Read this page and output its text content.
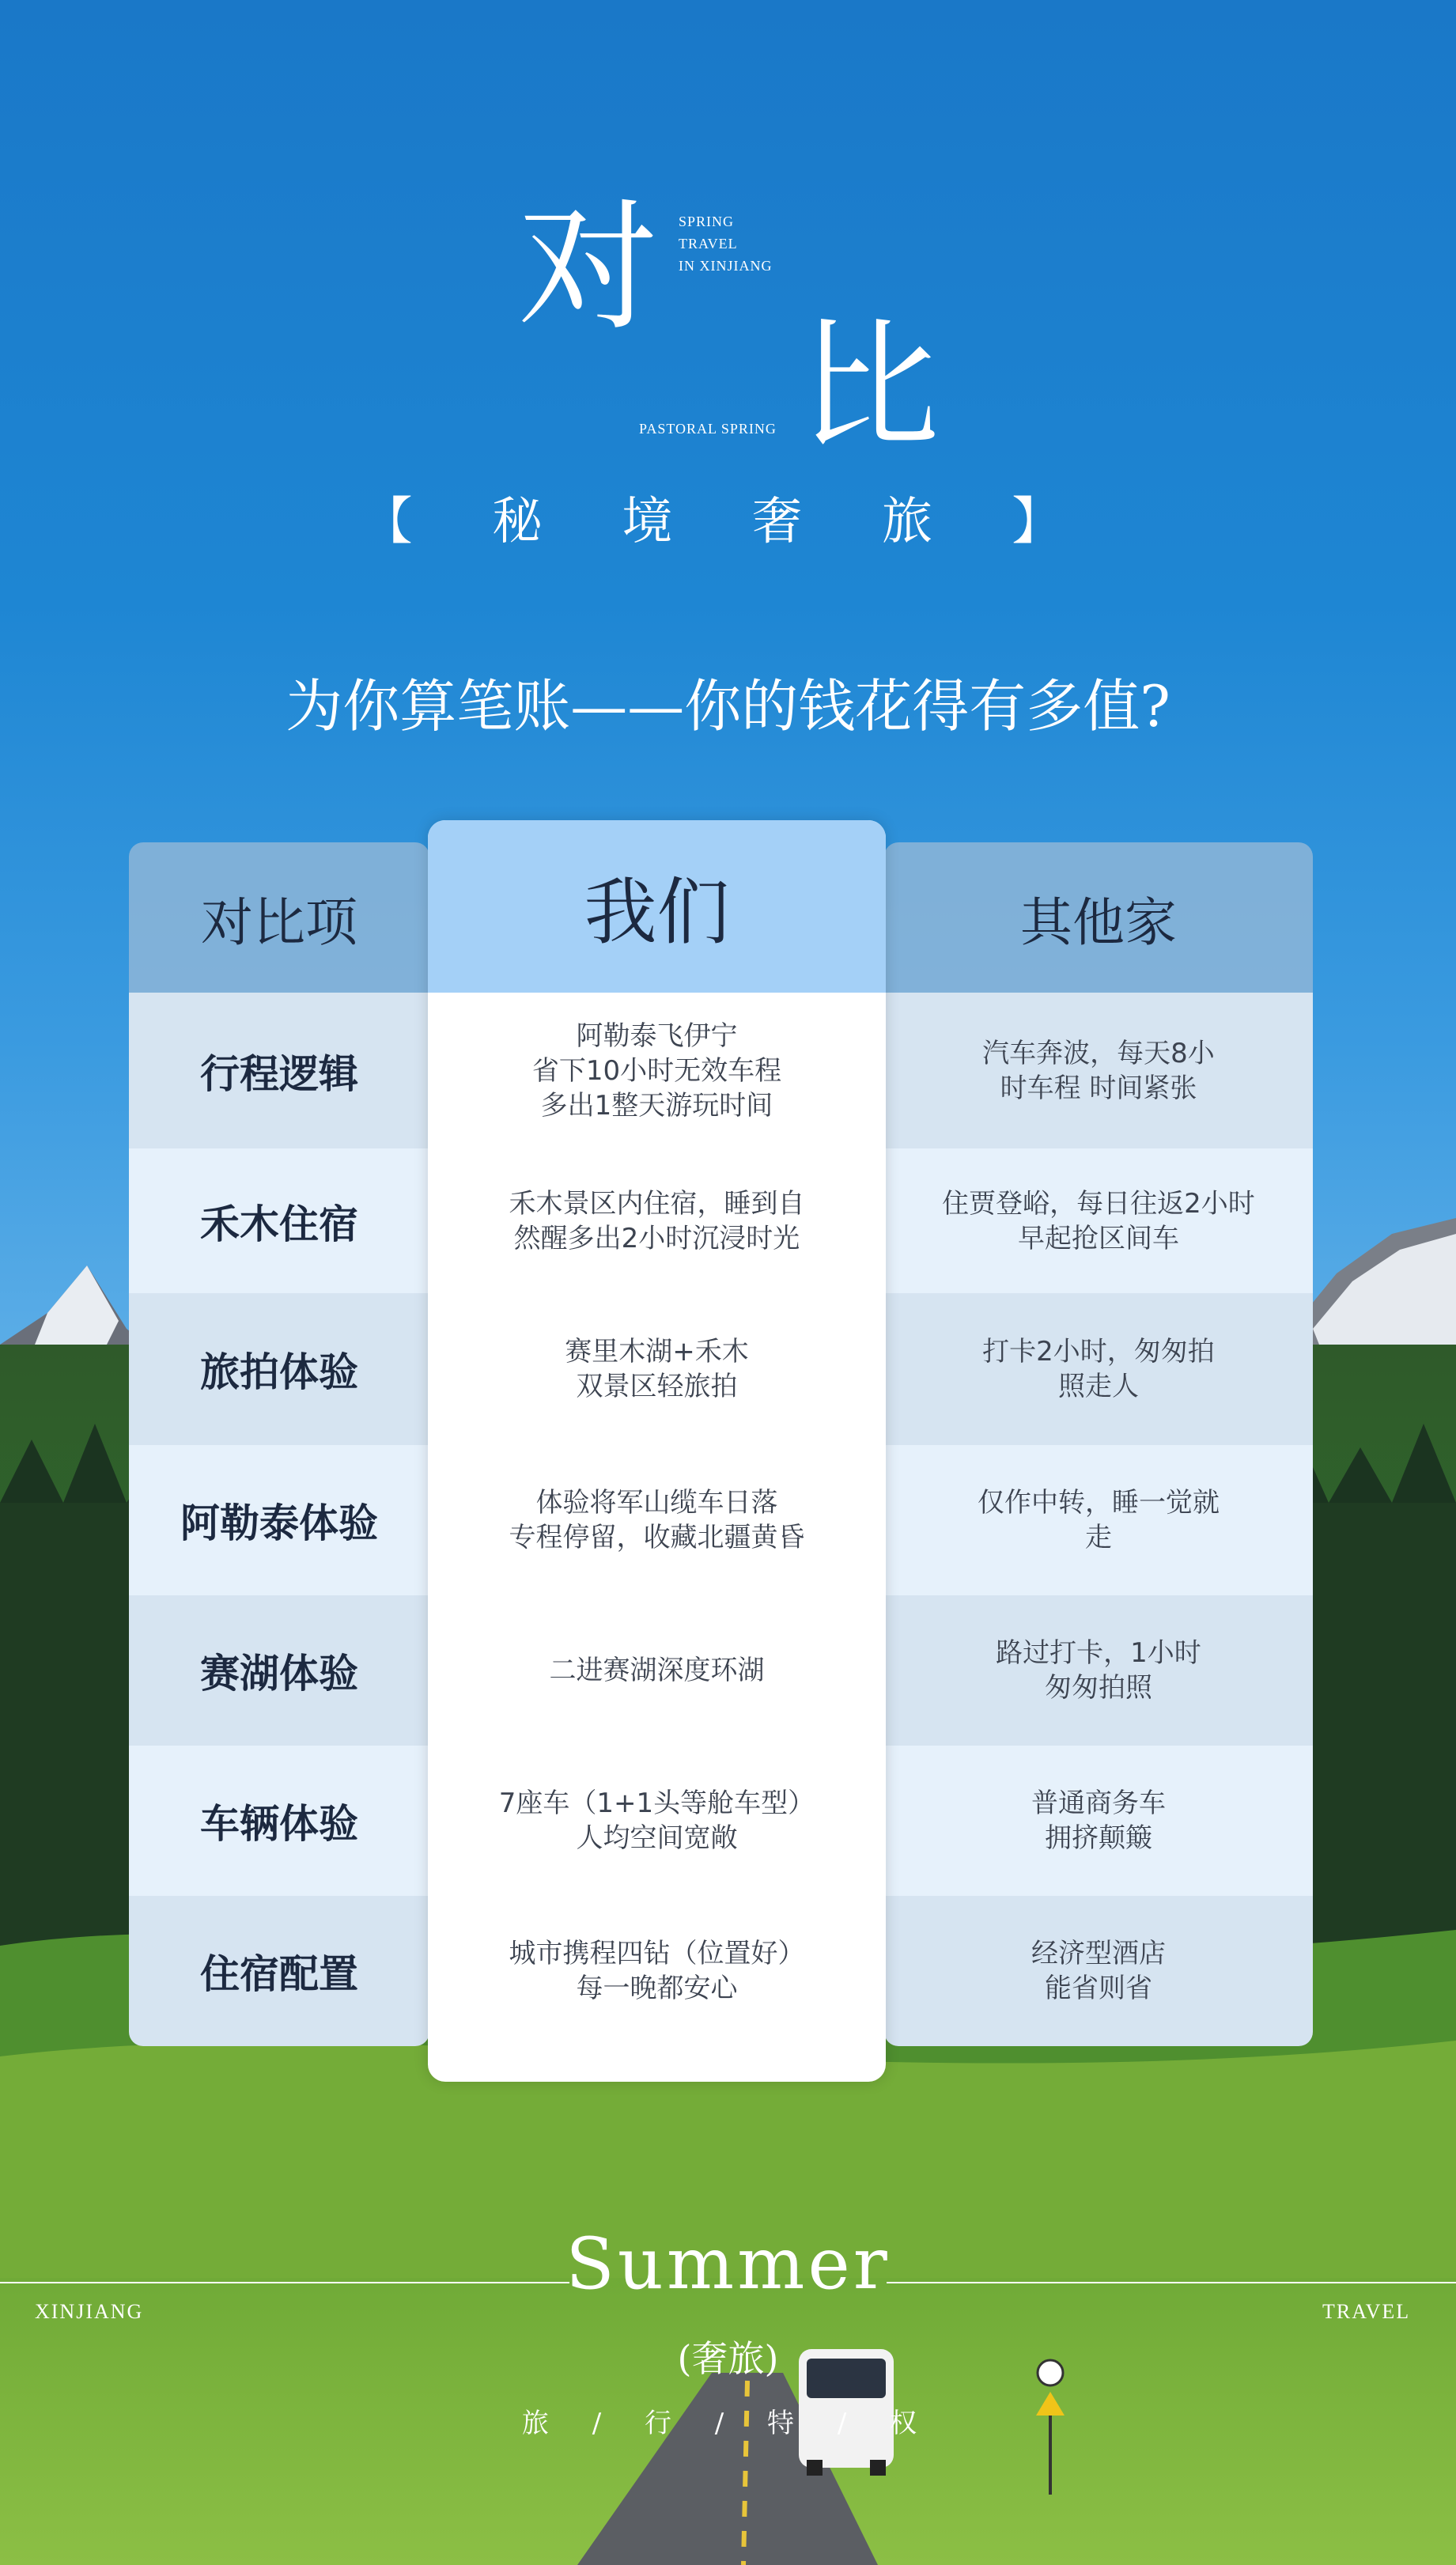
对 SPRING
TRAVEL
IN XINJIANG
PASTORAL SPRING 比
【 秘 境 奢 旅 】
为你算笔账——你的钱花得有多值?
对比项
行程逻辑
禾木住宿
旅拍体验
阿勒泰体验
赛湖体验
车辆体验
住宿配置
其他家
汽车奔波，每天8小
时车程 时间紧张
住贾登峪，每日往返2小时
早起抢区间车
打卡2小时，匆匆拍
照走人
仅作中转，睡一觉就
走
路过打卡，1小时
匆匆拍照
普通商务车
拥挤颠簸
经济型酒店
能省则省
我们
阿勒泰飞伊宁
省下10小时无效车程
多出1整天游玩时间
禾木景区内住宿，睡到自
然醒多出2小时沉浸时光
赛里木湖+禾木
双景区轻旅拍
体验将军山缆车日落
专程停留，收藏北疆黄昏
二进赛湖深度环湖
7座车（1+1头等舱车型）
人均空间宽敞
城市携程四钻（位置好）
每一晚都安心
Summer
XINJIANG	TRAVEL
(奢旅)
旅 / 行 / 特 / 权
